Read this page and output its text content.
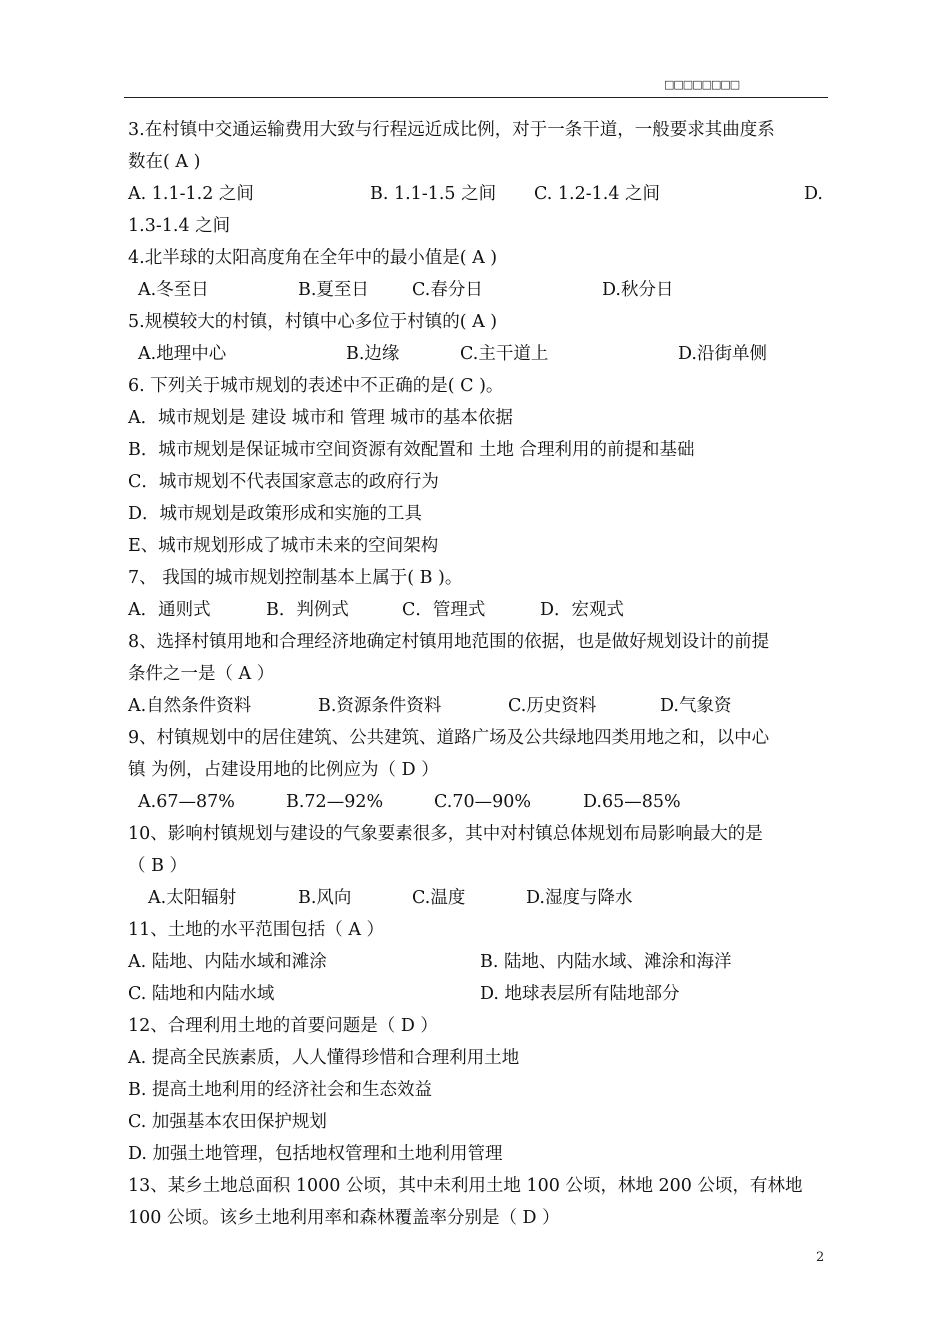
□□□□□□□□
3.在村镇中交通运输费用大致与行程远近成比例，对于一条干道，一般要求其曲度系
数在( A )
A. 1.1-1.2 之间	B. 1.1-1.5 之间 C. 1.2-1.4 之间	D.
1.3-1.4 之间
4.北半球的太阳高度角在全年中的最小值是( A )
A.冬至日	B.夏至日 C.春分日	D.秋分日
5.规模较大的村镇，村镇中心多位于村镇的( A )
A.地理中心	B.边缘	C.主干道上	D.沿街单侧
6. 下列关于城市规划的表述中不正确的是( C )。
A．城市规划是 建设 城市和 管理 城市的基本依据
B．城市规划是保证城市空间资源有效配置和 土地 合理利用的前提和基础
C．城市规划不代表国家意志的政府行为
D．城市规划是政策形成和实施的工具
E、城市规划形成了城市未来的空间架构
7、 我国的城市规划控制基本上属于( B )。
A．通则式	B．判例式	C．管理式	D．宏观式
8、选择村镇用地和合理经济地确定村镇用地范围的依据，也是做好规划设计的前提
条件之一是（ A ）
A.自然条件资料	B.资源条件资料	C.历史资料	D.气象资
9、村镇规划中的居住建筑、公共建筑、道路广场及公共绿地四类用地之和，以中心
镇 为例，占建设用地的比例应为（ D ）
A.67—87%	B.72—92%	C.70—90%	D.65—85%
10、影响村镇规划与建设的气象要素很多，其中对村镇总体规划布局影响最大的是
（ B ）
A.太阳辐射	B.风向	C.温度	D.湿度与降水
11、土地的水平范围包括（ A ）
A. 陆地、内陆水域和滩涂	B. 陆地、内陆水域、滩涂和海洋
C. 陆地和内陆水域	D. 地球表层所有陆地部分
12、合理利用土地的首要问题是（ D ）
A. 提高全民族素质，人人懂得珍惜和合理利用土地
B. 提高土地利用的经济社会和生态效益
C. 加强基本农田保护规划
D. 加强土地管理，包括地权管理和土地利用管理
13、某乡土地总面积 1000 公顷，其中未利用土地 100 公顷，林地 200 公顷，有林地
100 公顷。该乡土地利用率和森林覆盖率分别是（ D ）
2
